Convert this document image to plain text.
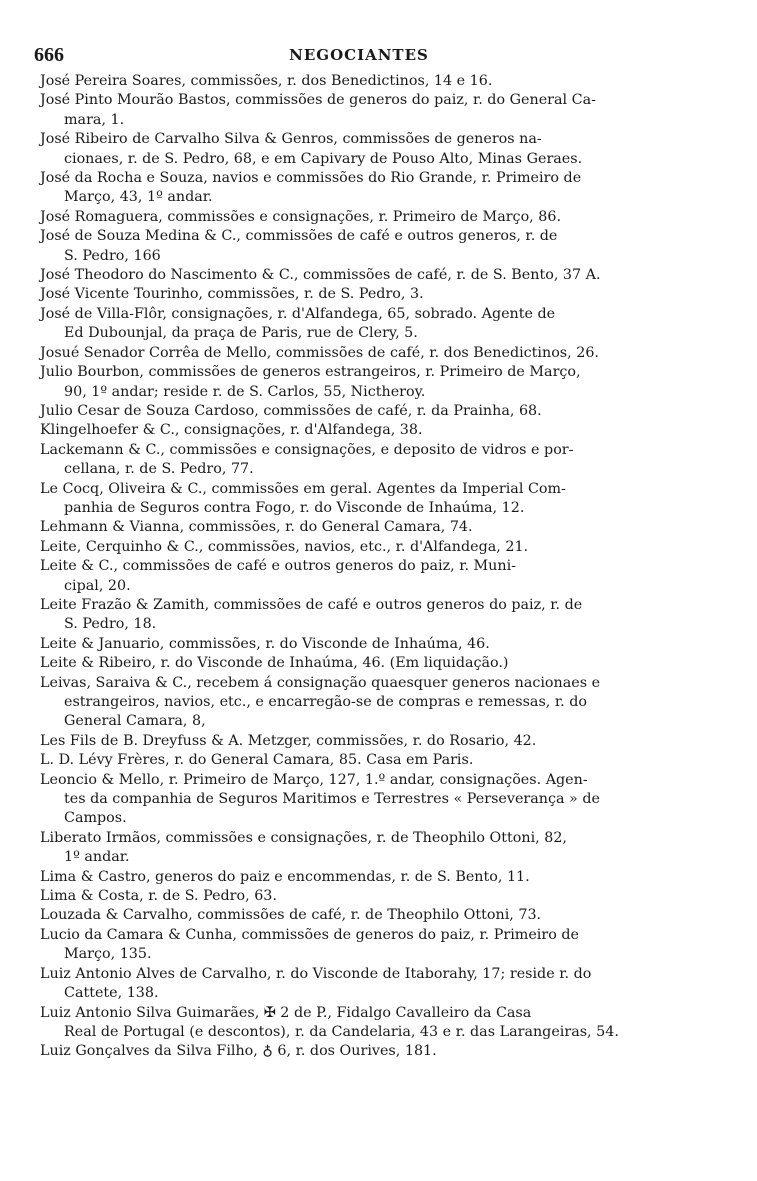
666	NEGOCIANTES
José Pereira Soares, commissões, r. dos Benedictinos, 14 e 16.
José Pinto Mourão Bastos, commissões de generos do paiz, r. do General Ca-mara, 1.
José Ribeiro de Carvalho Silva & Genros, commissões de generos na-cionaes, r. de S. Pedro, 68, e em Capivary de Pouso Alto, Minas Geraes.
José da Rocha e Souza, navios e commissões do Rio Grande, r. Primeiro deMarço, 43, 1º andar.
José Romaguera, commissões e consignações, r. Primeiro de Março, 86.
José de Souza Medina & C., commissões de café e outros generos, r. deS. Pedro, 166
José Theodoro do Nascimento & C., commissões de café, r. de S. Bento, 37 A.
José Vicente Tourinho, commissões, r. de S. Pedro, 3.
José de Villa-Flôr, consignações, r. d'Alfandega, 65, sobrado. Agente deEd Dubounjal, da praça de Paris, rue de Clery, 5.
Josué Senador Corrêa de Mello, commissões de café, r. dos Benedictinos, 26.
Julio Bourbon, commissões de generos estrangeiros, r. Primeiro de Março,90, 1º andar; reside r. de S. Carlos, 55, Nictheroy.
Julio Cesar de Souza Cardoso, commissões de café, r. da Prainha, 68.
Klingelhoefer & C., consignações, r. d'Alfandega, 38.
Lackemann & C., commissões e consignações, e deposito de vidros e por-cellana, r. de S. Pedro, 77.
Le Cocq, Oliveira & C., commissões em geral. Agentes da Imperial Com-panhia de Seguros contra Fogo, r. do Visconde de Inhaúma, 12.
Lehmann & Vianna, commissões, r. do General Camara, 74.
Leite, Cerquinho & C., commissões, navios, etc., r. d'Alfandega, 21.
Leite & C., commissões de café e outros generos do paiz, r. Muni-cipal, 20.
Leite Frazão & Zamith, commissões de café e outros generos do paiz, r. deS. Pedro, 18.
Leite & Januario, commissões, r. do Visconde de Inhaúma, 46.
Leite & Ribeiro, r. do Visconde de Inhaúma, 46. (Em liquidação.)
Leivas, Saraiva & C., recebem á consignação quaesquer generos nacionaes eestrangeiros, navios, etc., e encarregão-se de compras e remessas, r. doGeneral Camara, 8,
Les Fils de B. Dreyfuss & A. Metzger, commissões, r. do Rosario, 42.
L. D. Lévy Frères, r. do General Camara, 85. Casa em Paris.
Leoncio & Mello, r. Primeiro de Março, 127, 1.º andar, consignações. Agen-tes da companhia de Seguros Maritimos e Terrestres « Perseverança » deCampos.
Liberato Irmãos, commissões e consignações, r. de Theophilo Ottoni, 82,1º andar.
Lima & Castro, generos do paiz e encommendas, r. de S. Bento, 11.
Lima & Costa, r. de S. Pedro, 63.
Louzada & Carvalho, commissões de café, r. de Theophilo Ottoni, 73.
Lucio da Camara & Cunha, commissões de generos do paiz, r. Primeiro deMarço, 135.
Luiz Antonio Alves de Carvalho, r. do Visconde de Itaborahy, 17; reside r. doCattete, 138.
Luiz Antonio Silva Guimarães, ✠ 2 de P., Fidalgo Cavalleiro da CasaReal de Portugal (e descontos), r. da Candelaria, 43 e r. das Larangeiras, 54.
Luiz Gonçalves da Silva Filho, ♁ 6, r. dos Ourives, 181.
